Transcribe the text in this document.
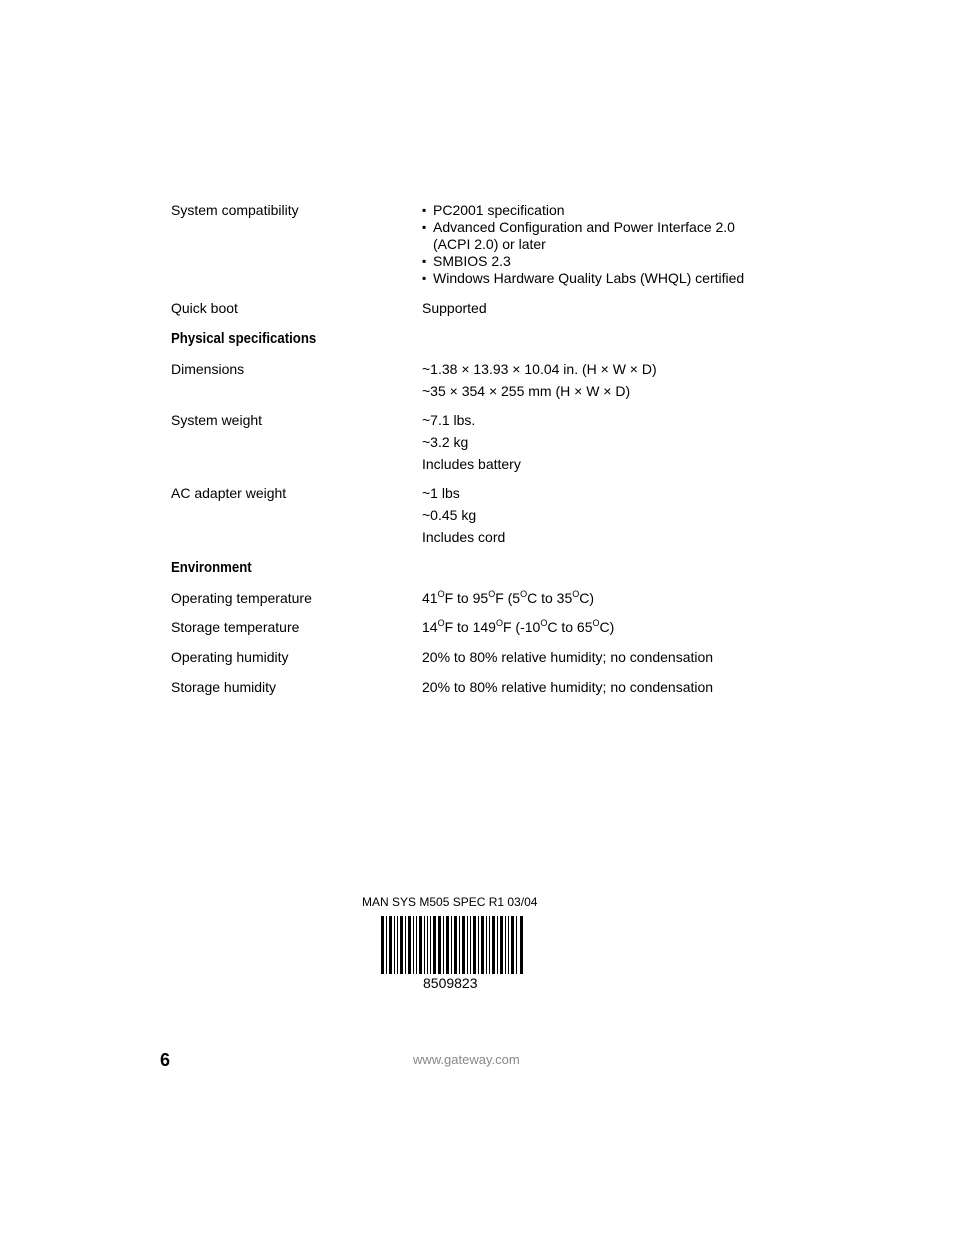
System compatibility	PC2001 specification
Advanced Configuration and Power Interface 2.0
(ACPI 2.0) or later
SMBIOS 2.3
Windows Hardware Quality Labs (WHQL) certified
Quick boot	Supported
Physical specifications
Dimensions	~1.38 × 13.93 × 10.04 in. (H × W × D)
~35 × 354 × 255 mm (H × W × D)
System weight	~7.1 lbs.
~3.2 kg
Includes battery
AC adapter weight	~1 lbs
~0.45 kg
Includes cord
Environment
Operating temperature	$41^OF$ to $95^OF$ ($5^OC$ to $35^OC$)
Storage temperature	$14^OF$ to $149^OF$ ($-10^OC$ to $65^OC$)
Operating humidity	20% to 80% relative humidity; no condensation
Storage humidity	20% to 80% relative humidity; no condensation
MAN SYS M505 SPEC R1 03/04
8509823
6	www.gateway.com
